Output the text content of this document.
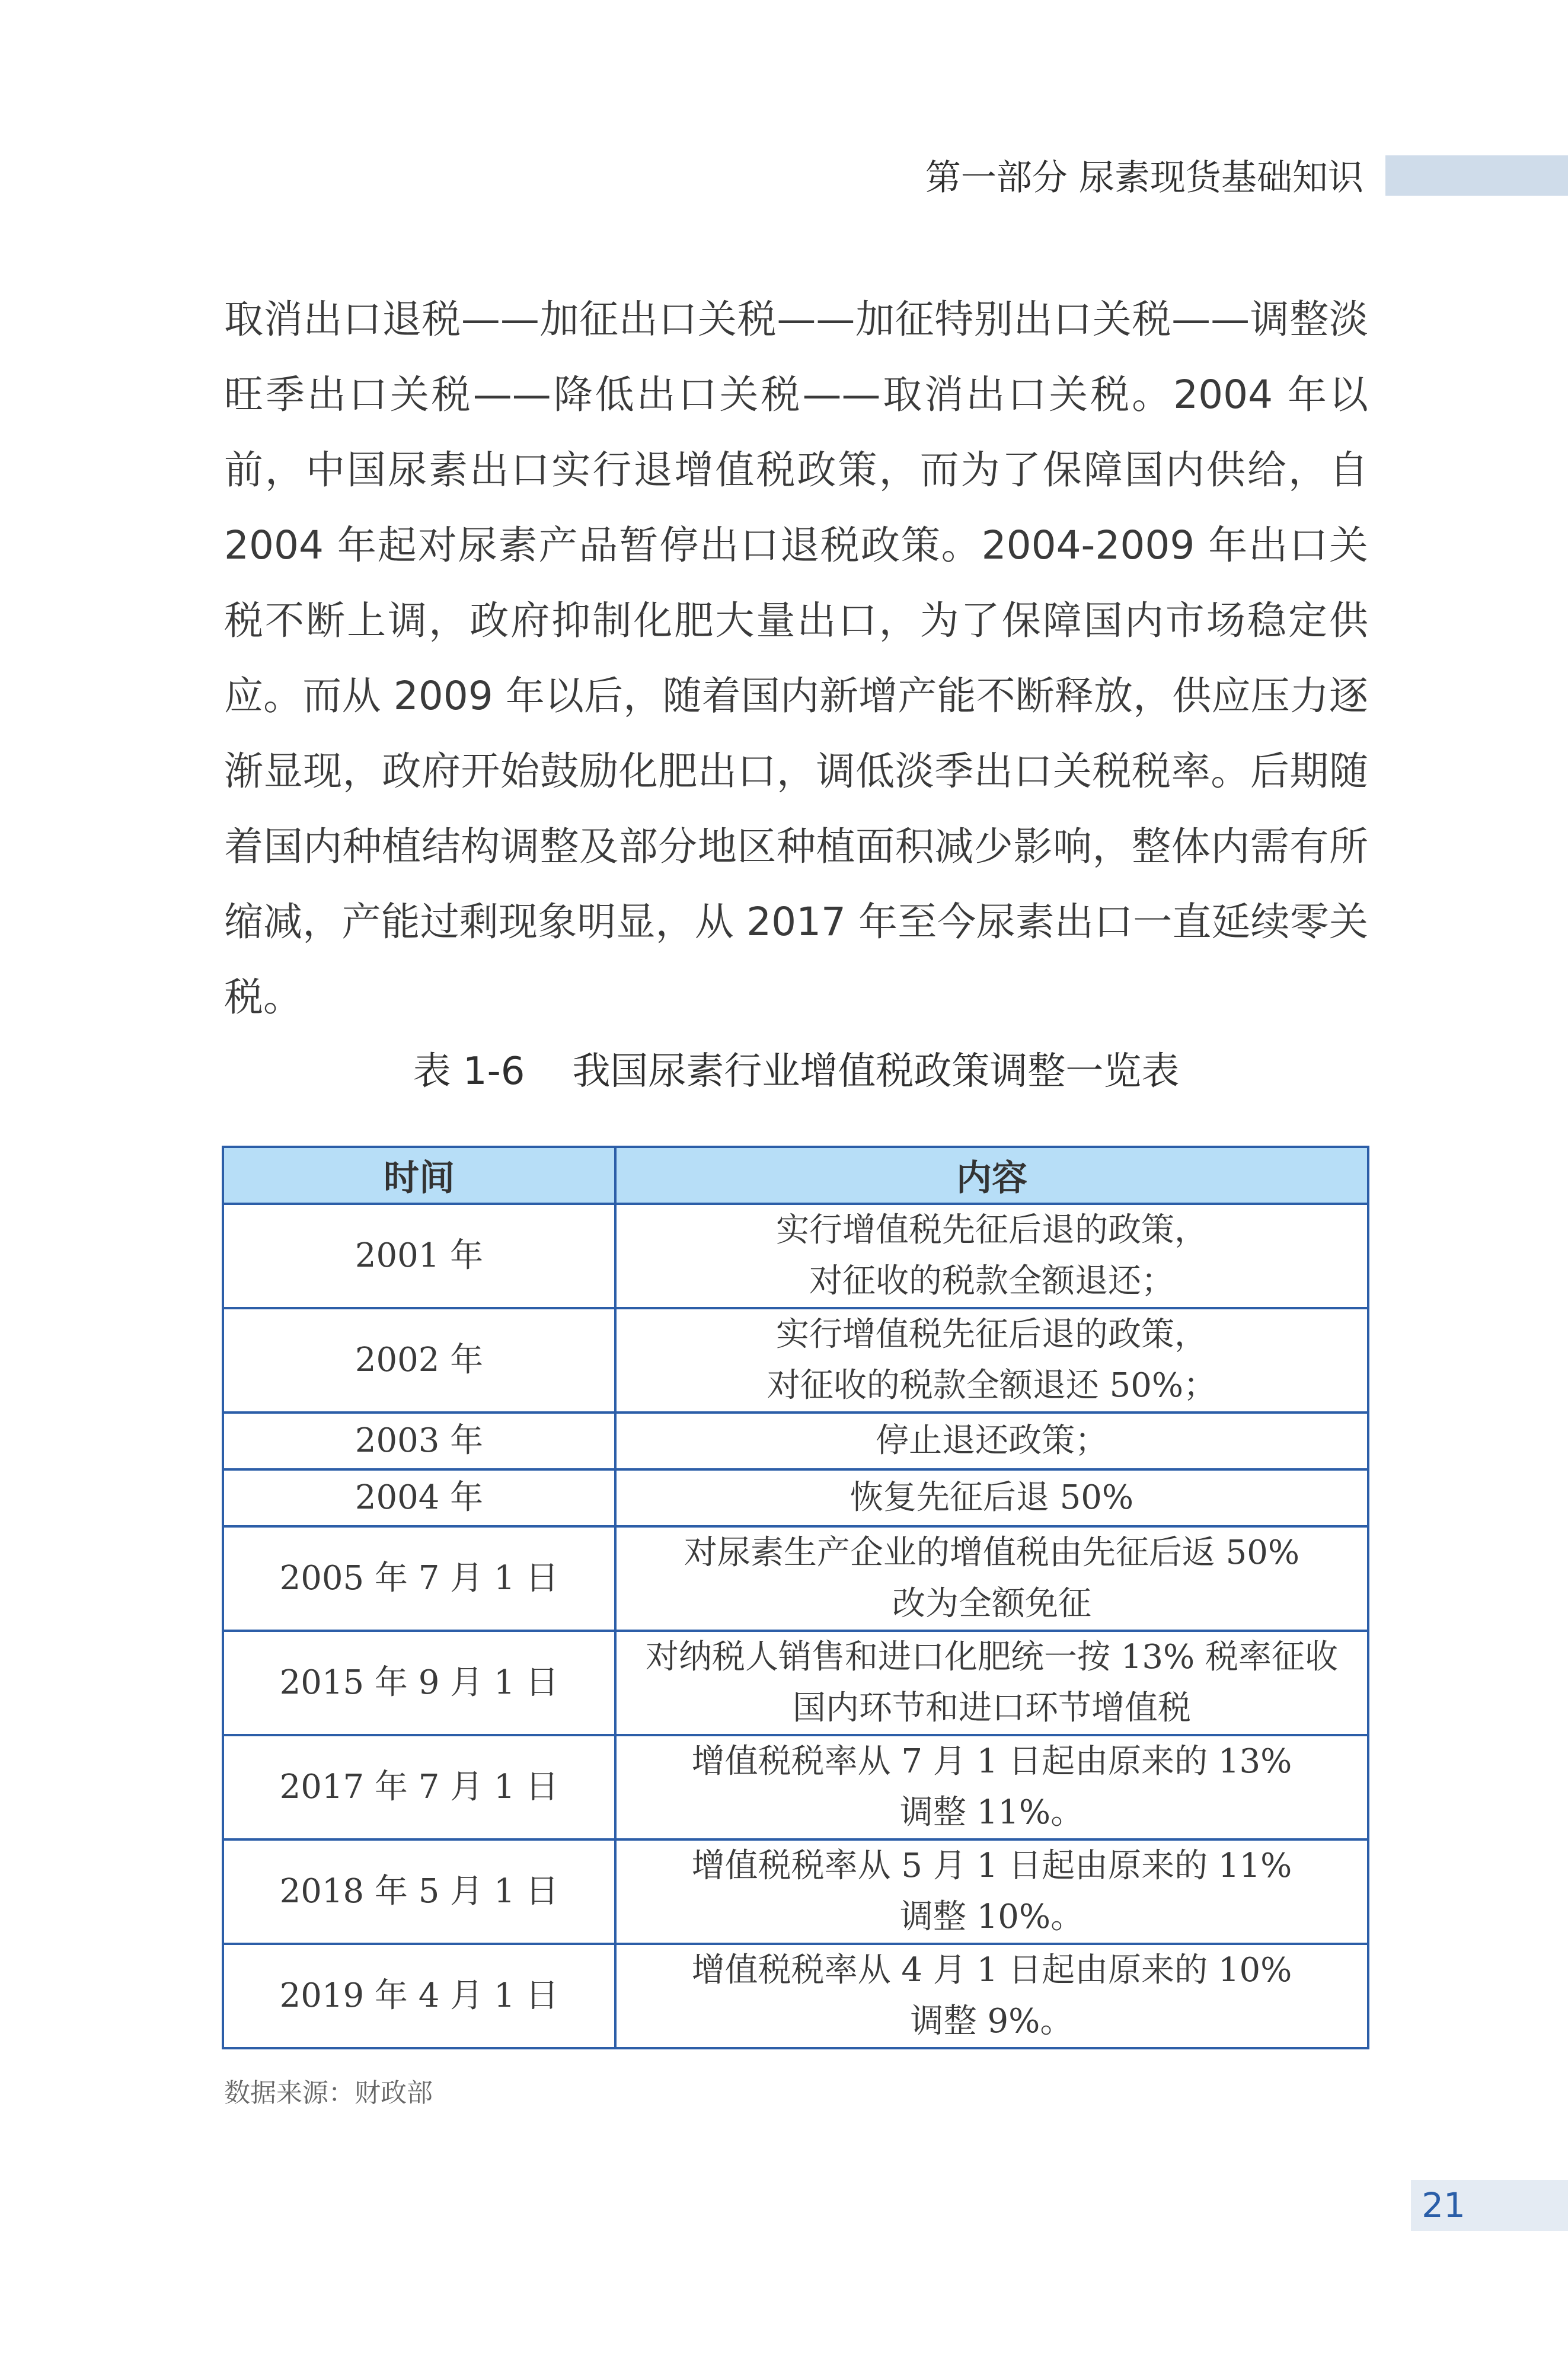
第一部分 尿素现货基础知识

取消出口退税——加征出口关税——加征特别出口关税——调整淡旺季出口关税——降低出口关税——取消出口关税。2004 年以前，中国尿素出口实行退增值税政策，而为了保障国内供给，自 2004 年起对尿素产品暂停出口退税政策。2004-2009 年出口关税不断上调，政府抑制化肥大量出口，为了保障国内市场稳定供应。而从 2009 年以后，随着国内新增产能不断释放，供应压力逐渐显现，政府开始鼓励化肥出口，调低淡季出口关税税率。后期随着国内种植结构调整及部分地区种植面积减少影响，整体内需有所缩减，产能过剩现象明显，从 2017 年至今尿素出口一直延续零关税。

表 1-6 我国尿素行业增值税政策调整一览表
时间	内容
2001 年	实行增值税先征后退的政策，
对征收的税款全额退还；

2002 年	实行增值税先征后退的政策，
对征收的税款全额退还 50%；

2003 年	停止退还政策；

2004 年	恢复先征后退 50%

2005 年 7 月 1 日	对尿素生产企业的增值税由先征后返 50%
改为全额免征

2015 年 9 月 1 日	对纳税人销售和进口化肥统一按 13% 税率征收
国内环节和进口环节增值税

2017 年 7 月 1 日	增值税税率从 7 月 1 日起由原来的 13%
调整 11%。

2018 年 5 月 1 日	增值税税率从 5 月 1 日起由原来的 11%
调整 10%。

2019 年 4 月 1 日	增值税税率从 4 月 1 日起由原来的 10%
调整 9%。
数据来源：财政部
21
